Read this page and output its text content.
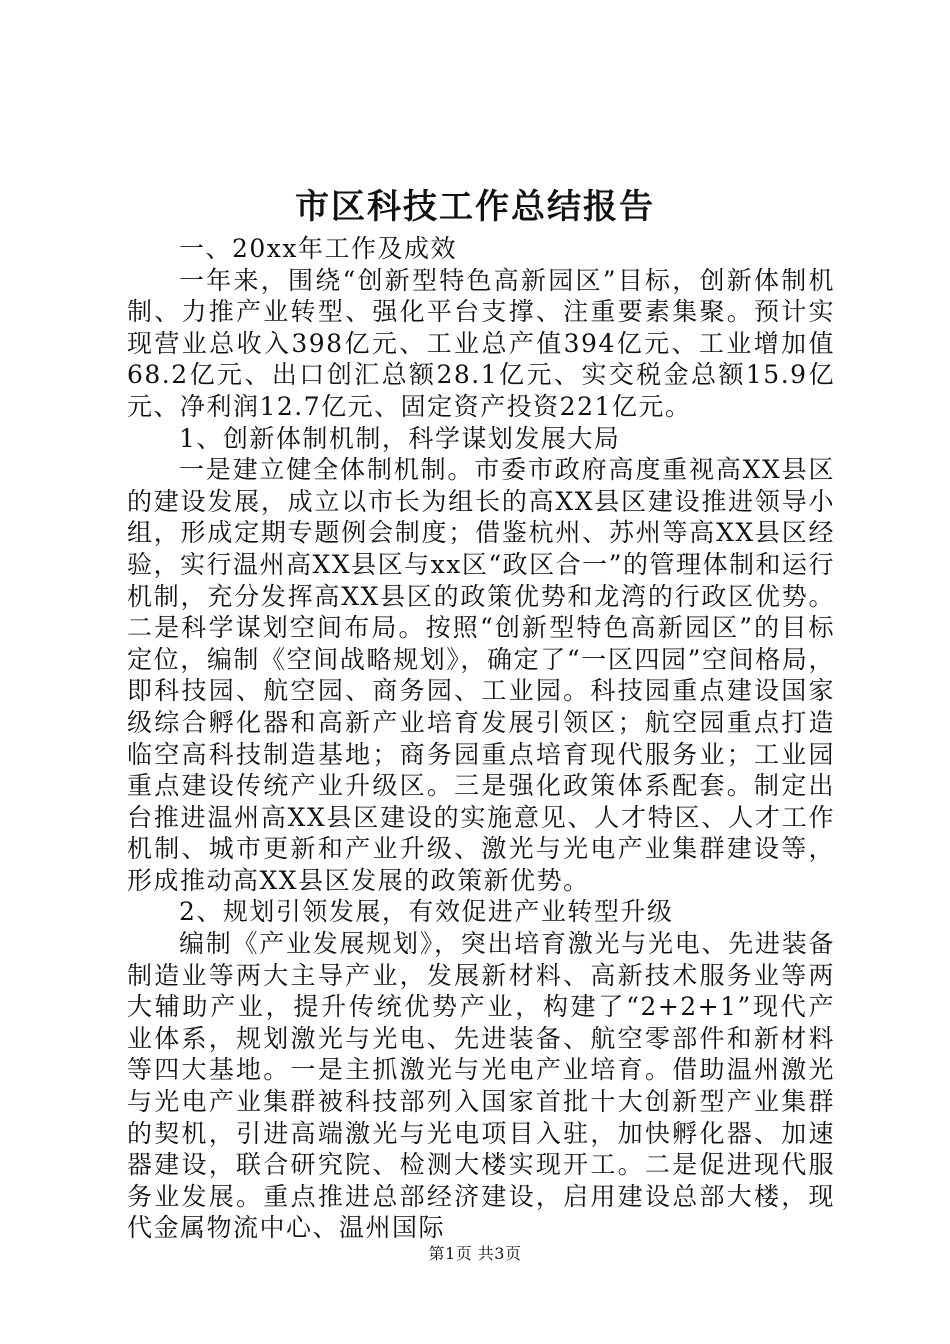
市区科技工作总结报告

一、20xx年工作及成效

一年来，围绕“创新型特色高新园区”目标，创新体制机制、力推产业转型、强化平台支撑、注重要素集聚。预计实现营业总收入398亿元、工业总产值394亿元、工业增加值68.2亿元、出口创汇总额28.1亿元、实交税金总额15.9亿元、净利润12.7亿元、固定资产投资221亿元。

1、创新体制机制，科学谋划发展大局

一是建立健全体制机制。市委市政府高度重视高XX县区的建设发展，成立以市长为组长的高XX县区建设推进领导小组，形成定期专题例会制度；借鉴杭州、苏州等高XX县区经验，实行温州高XX县区与xx区“政区合一”的管理体制和运行机制，充分发挥高XX县区的政策优势和龙湾的行政区优势。二是科学谋划空间布局。按照“创新型特色高新园区”的目标定位，编制《空间战略规划》，确定了“一区四园”空间格局，即科技园、航空园、商务园、工业园。科技园重点建设国家级综合孵化器和高新产业培育发展引领区；航空园重点打造临空高科技制造基地；商务园重点培育现代服务业；工业园重点建设传统产业升级区。三是强化政策体系配套。制定出台推进温州高XX县区建设的实施意见、人才特区、人才工作机制、城市更新和产业升级、激光与光电产业集群建设等，形成推动高XX县区发展的政策新优势。

2、规划引领发展，有效促进产业转型升级

编制《产业发展规划》，突出培育激光与光电、先进装备制造业等两大主导产业，发展新材料、高新技术服务业等两大辅助产业，提升传统优势产业，构建了“2+2+1”现代产业体系，规划激光与光电、先进装备、航空零部件和新材料等四大基地。一是主抓激光与光电产业培育。借助温州激光与光电产业集群被科技部列入国家首批十大创新型产业集群的契机，引进高端激光与光电项目入驻，加快孵化器、加速器建设，联合研究院、检测大楼实现开工。二是促进现代服务业发展。重点推进总部经济建设，启用建设总部大楼，现代金属物流中心、温州国际

第1页 共3页
